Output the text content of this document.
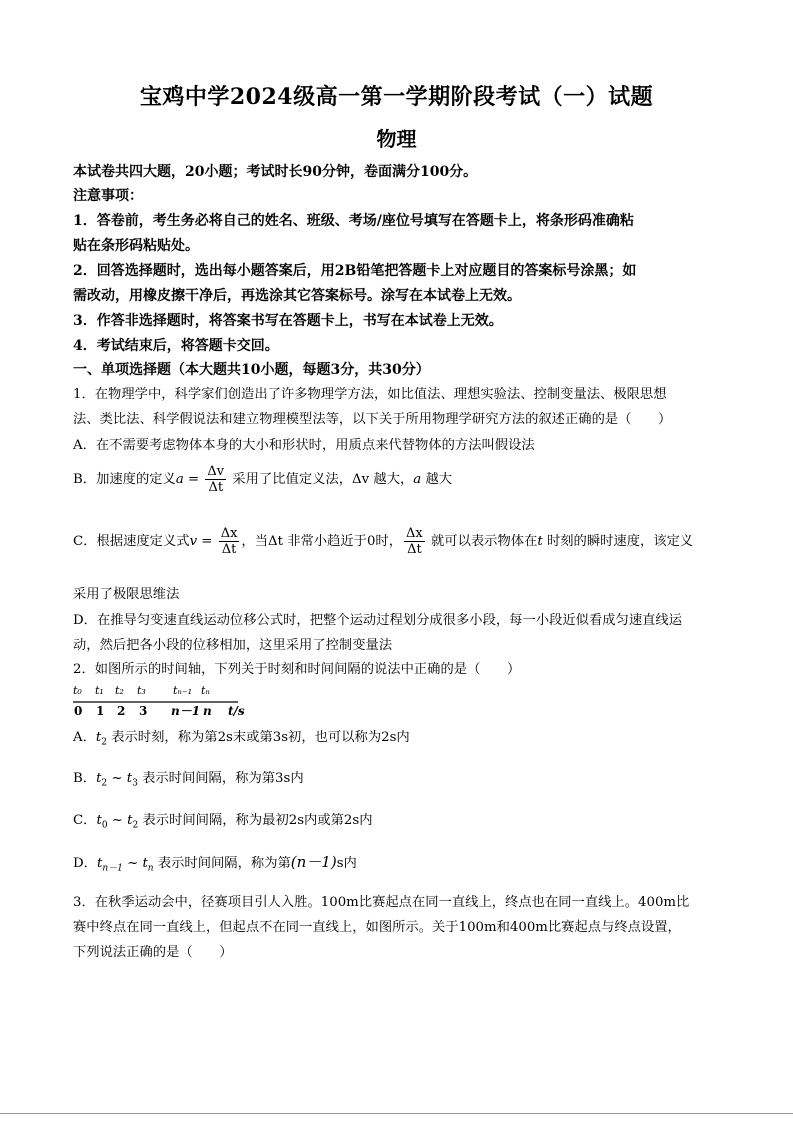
宝鸡中学2024级高一第一学期阶段考试（一）试题
物理
本试卷共四大题，20小题；考试时长90分钟，卷面满分100分。
注意事项：
1．答卷前，考生务必将自己的姓名、班级、考场/座位号填写在答题卡上，将条形码准确粘
贴在条形码粘贴处。
2．回答选择题时，选出每小题答案后，用2B铅笔把答题卡上对应题目的答案标号涂黑；如
需改动，用橡皮擦干净后，再选涂其它答案标号。涂写在本试卷上无效。
3．作答非选择题时，将答案书写在答题卡上，书写在本试卷上无效。
4．考试结束后，将答题卡交回。
一、单项选择题（本大题共10小题，每题3分，共30分）
1．在物理学中，科学家们创造出了许多物理学方法，如比值法、理想实验法、控制变量法、极限思想
法、类比法、科学假说法和建立物理模型法等，以下关于所用物理学研究方法的叙述正确的是（　　）
A．在不需要考虑物体本身的大小和形状时，用质点来代替物体的方法叫假设法
B．加速度的定义$a = \frac{\Delta v}{\Delta t}$ 采用了比值定义法，Δv 越大，a 越大
C．根据速度定义式$v = \frac{\Delta x}{\Delta t}$ ，当Δt 非常小趋近于0时， $\frac{\Delta x}{\Delta t}$ 就可以表示物体在t 时刻的瞬时速度，该定义
采用了极限思维法
D．在推导匀变速直线运动位移公式时，把整个运动过程划分成很多小段，每一小段近似看成匀速直线运
动，然后把各小段的位移相加，这里采用了控制变量法
2．如图所示的时间轴，下列关于时刻和时间间隔的说法中正确的是（　　）
t₀ t₁ t₂ t₃ tₙ₋₁ tₙ
0 1 2 3 n－1 n t/s
A．$t_2$ 表示时刻，称为第2s末或第3s初，也可以称为2s内
B．$t_2$ ~ $t_3$ 表示时间间隔，称为第3s内
C．$t_0$ ~ $t_2$ 表示时间间隔，称为最初2s内或第2s内
D．$t_{n-1}$ ~ $t_n$ 表示时间间隔，称为第(n－1)s内
3．在秋季运动会中，径赛项目引人入胜。100m比赛起点在同一直线上，终点也在同一直线上。400m比
赛中终点在同一直线上，但起点不在同一直线上，如图所示。关于100m和400m比赛起点与终点设置，
下列说法正确的是（　　）
